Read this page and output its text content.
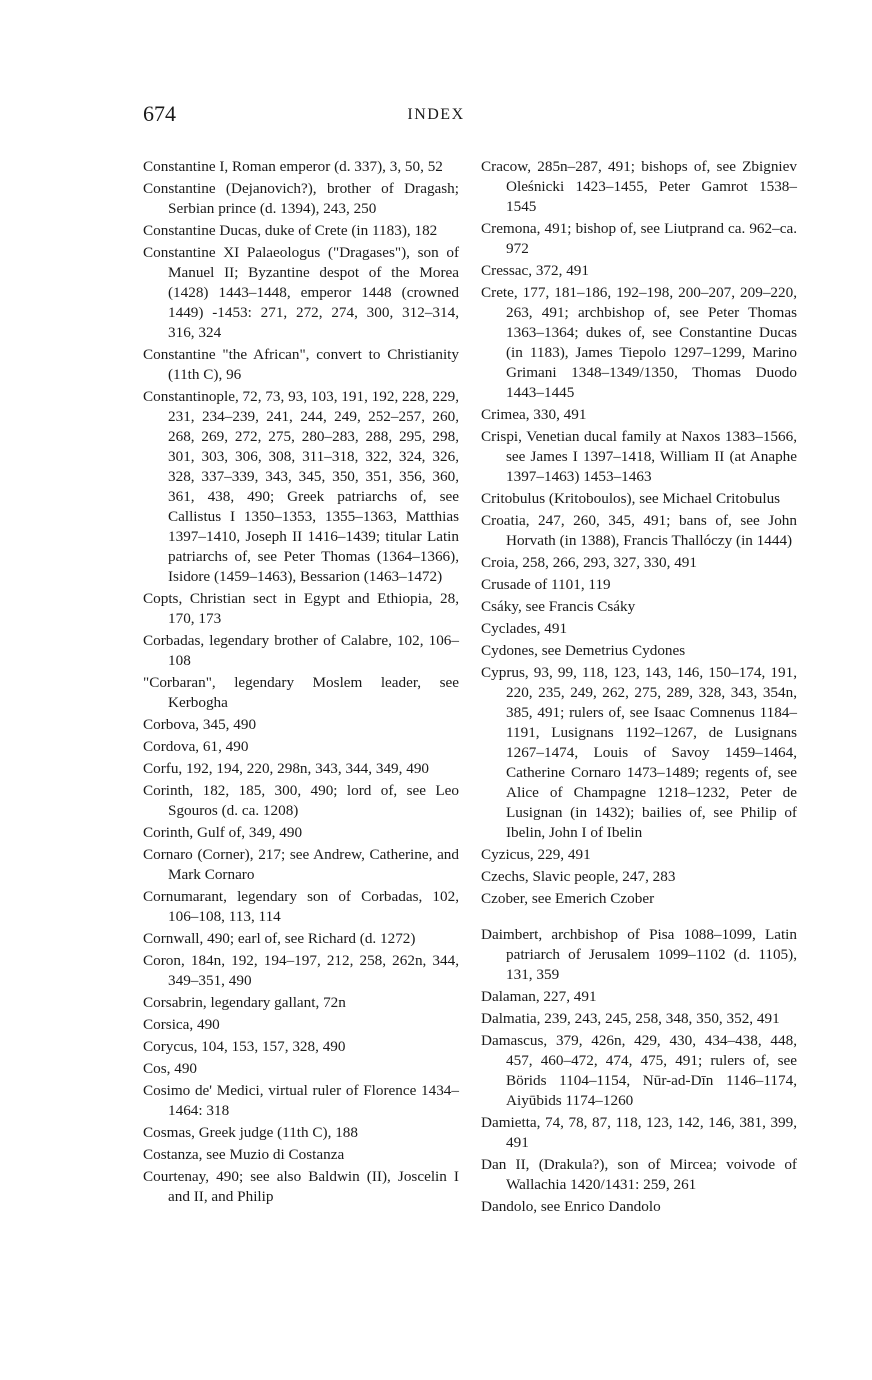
674	INDEX
Constantine I, Roman emperor (d. 337), 3, 50, 52
Constantine (Dejanovich?), brother of Dragash; Serbian prince (d. 1394), 243, 250
Constantine Ducas, duke of Crete (in 1183), 182
Constantine XI Palaeologus ("Dragases"), son of Manuel II; Byzantine despot of the Morea (1428) 1443–1448, emperor 1448 (crowned 1449) -1453: 271, 272, 274, 300, 312–314, 316, 324
Constantine "the African", convert to Christianity (11th C), 96
Constantinople, 72, 73, 93, 103, 191, 192, 228, 229, 231, 234–239, 241, 244, 249, 252–257, 260, 268, 269, 272, 275, 280–283, 288, 295, 298, 301, 303, 306, 308, 311–318, 322, 324, 326, 328, 337–339, 343, 345, 350, 351, 356, 360, 361, 438, 490; Greek patriarchs of, see Callistus I 1350–1353, 1355–1363, Matthias 1397–1410, Joseph II 1416–1439; titular Latin patriarchs of, see Peter Thomas (1364–1366), Isidore (1459–1463), Bessarion (1463–1472)
Copts, Christian sect in Egypt and Ethiopia, 28, 170, 173
Corbadas, legendary brother of Calabre, 102, 106–108
"Corbaran", legendary Moslem leader, see Kerbogha
Corbova, 345, 490
Cordova, 61, 490
Corfu, 192, 194, 220, 298n, 343, 344, 349, 490
Corinth, 182, 185, 300, 490; lord of, see Leo Sgouros (d. ca. 1208)
Corinth, Gulf of, 349, 490
Cornaro (Corner), 217; see Andrew, Catherine, and Mark Cornaro
Cornumarant, legendary son of Corbadas, 102, 106–108, 113, 114
Cornwall, 490; earl of, see Richard (d. 1272)
Coron, 184n, 192, 194–197, 212, 258, 262n, 344, 349–351, 490
Corsabrin, legendary gallant, 72n
Corsica, 490
Corycus, 104, 153, 157, 328, 490
Cos, 490
Cosimo de' Medici, virtual ruler of Florence 1434–1464: 318
Cosmas, Greek judge (11th C), 188
Costanza, see Muzio di Costanza
Courtenay, 490; see also Baldwin (II), Joscelin I and II, and Philip
Cracow, 285n–287, 491; bishops of, see Zbigniev Oleśnicki 1423–1455, Peter Gamrot 1538–1545
Cremona, 491; bishop of, see Liutprand ca. 962–ca. 972
Cressac, 372, 491
Crete, 177, 181–186, 192–198, 200–207, 209–220, 263, 491; archbishop of, see Peter Thomas 1363–1364; dukes of, see Constantine Ducas (in 1183), James Tiepolo 1297–1299, Marino Grimani 1348–1349/1350, Thomas Duodo 1443–1445
Crimea, 330, 491
Crispi, Venetian ducal family at Naxos 1383–1566, see James I 1397–1418, William II (at Anaphe 1397–1463) 1453–1463
Critobulus (Kritoboulos), see Michael Critobulus
Croatia, 247, 260, 345, 491; bans of, see John Horvath (in 1388), Francis Thallóczy (in 1444)
Croia, 258, 266, 293, 327, 330, 491
Crusade of 1101, 119
Csáky, see Francis Csáky
Cyclades, 491
Cydones, see Demetrius Cydones
Cyprus, 93, 99, 118, 123, 143, 146, 150–174, 191, 220, 235, 249, 262, 275, 289, 328, 343, 354n, 385, 491; rulers of, see Isaac Comnenus 1184–1191, Lusignans 1192–1267, de Lusignans 1267–1474, Louis of Savoy 1459–1464, Catherine Cornaro 1473–1489; regents of, see Alice of Champagne 1218–1232, Peter de Lusignan (in 1432); bailies of, see Philip of Ibelin, John I of Ibelin
Cyzicus, 229, 491
Czechs, Slavic people, 247, 283
Czober, see Emerich Czober
Daimbert, archbishop of Pisa 1088–1099, Latin patriarch of Jerusalem 1099–1102 (d. 1105), 131, 359
Dalaman, 227, 491
Dalmatia, 239, 243, 245, 258, 348, 350, 352, 491
Damascus, 379, 426n, 429, 430, 434–438, 448, 457, 460–472, 474, 475, 491; rulers of, see Börids 1104–1154, Nūr-ad-Dīn 1146–1174, Aiyūbids 1174–1260
Damietta, 74, 78, 87, 118, 123, 142, 146, 381, 399, 491
Dan II, (Drakula?), son of Mircea; voivode of Wallachia 1420/1431: 259, 261
Dandolo, see Enrico Dandolo
